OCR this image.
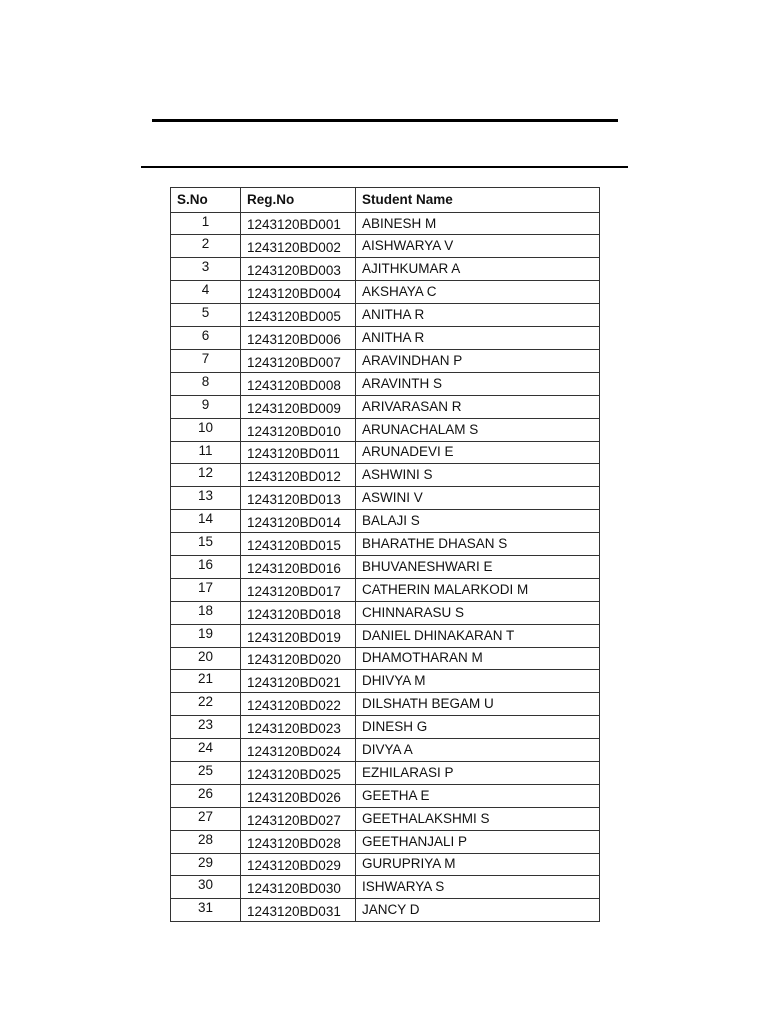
S.No	Reg.No	Student Name
1	1243120BD001	ABINESH M
2	1243120BD002	AISHWARYA V
3	1243120BD003	AJITHKUMAR A
4	1243120BD004	AKSHAYA C
5	1243120BD005	ANITHA R
6	1243120BD006	ANITHA R
7	1243120BD007	ARAVINDHAN P
8	1243120BD008	ARAVINTH S
9	1243120BD009	ARIVARASAN R
10	1243120BD010	ARUNACHALAM S
11	1243120BD011	ARUNADEVI E
12	1243120BD012	ASHWINI S
13	1243120BD013	ASWINI V
14	1243120BD014	BALAJI S
15	1243120BD015	BHARATHE DHASAN S
16	1243120BD016	BHUVANESHWARI E
17	1243120BD017	CATHERIN MALARKODI M
18	1243120BD018	CHINNARASU S
19	1243120BD019	DANIEL DHINAKARAN T
20	1243120BD020	DHAMOTHARAN M
21	1243120BD021	DHIVYA M
22	1243120BD022	DILSHATH BEGAM U
23	1243120BD023	DINESH G
24	1243120BD024	DIVYA A
25	1243120BD025	EZHILARASI P
26	1243120BD026	GEETHA E
27	1243120BD027	GEETHALAKSHMI S
28	1243120BD028	GEETHANJALI P
29	1243120BD029	GURUPRIYA M
30	1243120BD030	ISHWARYA S
31	1243120BD031	JANCY D
